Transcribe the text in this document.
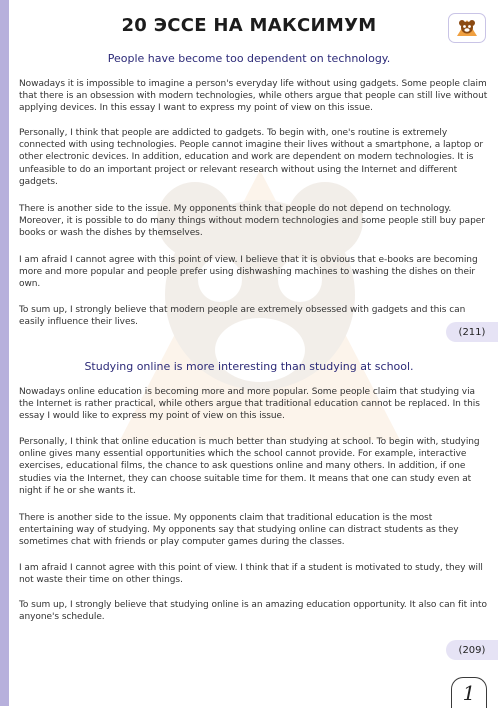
20 ЭССЕ НА МАКСИМУМ
People have become too dependent on technology.

Nowadays it is impossible to imagine a person's everyday life without using gadgets. Some people claim that there is an obsession with modern technologies, while others argue that people can still live without applying devices. In this essay I want to express my point of view on this issue.

Personally, I think that people are addicted to gadgets. To begin with, one's routine is extremely connected with using technologies. People cannot imagine their lives without a smartphone, a laptop or other electronic devices. In addition, education and work are dependent on modern technologies. It is unfeasible to do an important project or relevant research without using the Internet and different gadgets.

There is another side to the issue. My opponents think that people do not depend on technology. Moreover, it is possible to do many things without modern technologies and some people still buy paper books or wash the dishes by themselves.

I am afraid I cannot agree with this point of view. I believe that it is obvious that e-books are becoming more and more popular and people prefer using dishwashing machines to washing the dishes on their own.

To sum up, I strongly believe that modern people are extremely obsessed with gadgets and this can easily influence their lives.

(211)
Studying online is more interesting than studying at school.

Nowadays online education is becoming more and more popular. Some people claim that studying via the Internet is rather practical, while others argue that traditional education cannot be replaced. In this essay I would like to express my point of view on this issue.

Personally, I think that online education is much better than studying at school. To begin with, studying online gives many essential opportunities which the school cannot provide. For example, interactive exercises, educational films, the chance to ask questions online and many others. In addition, if one studies via the Internet, they can choose suitable time for them. It means that one can study even at night if he or she wants it.

There is another side to the issue. My opponents claim that traditional education is the most entertaining way of studying. My opponents say that studying online can distract students as they sometimes chat with friends or play computer games during the classes.

I am afraid I cannot agree with this point of view. I think that if a student is motivated to study, they will not waste their time on other things.

To sum up, I strongly believe that studying online is an amazing education opportunity. It also can fit into anyone's schedule.

(209)
1
